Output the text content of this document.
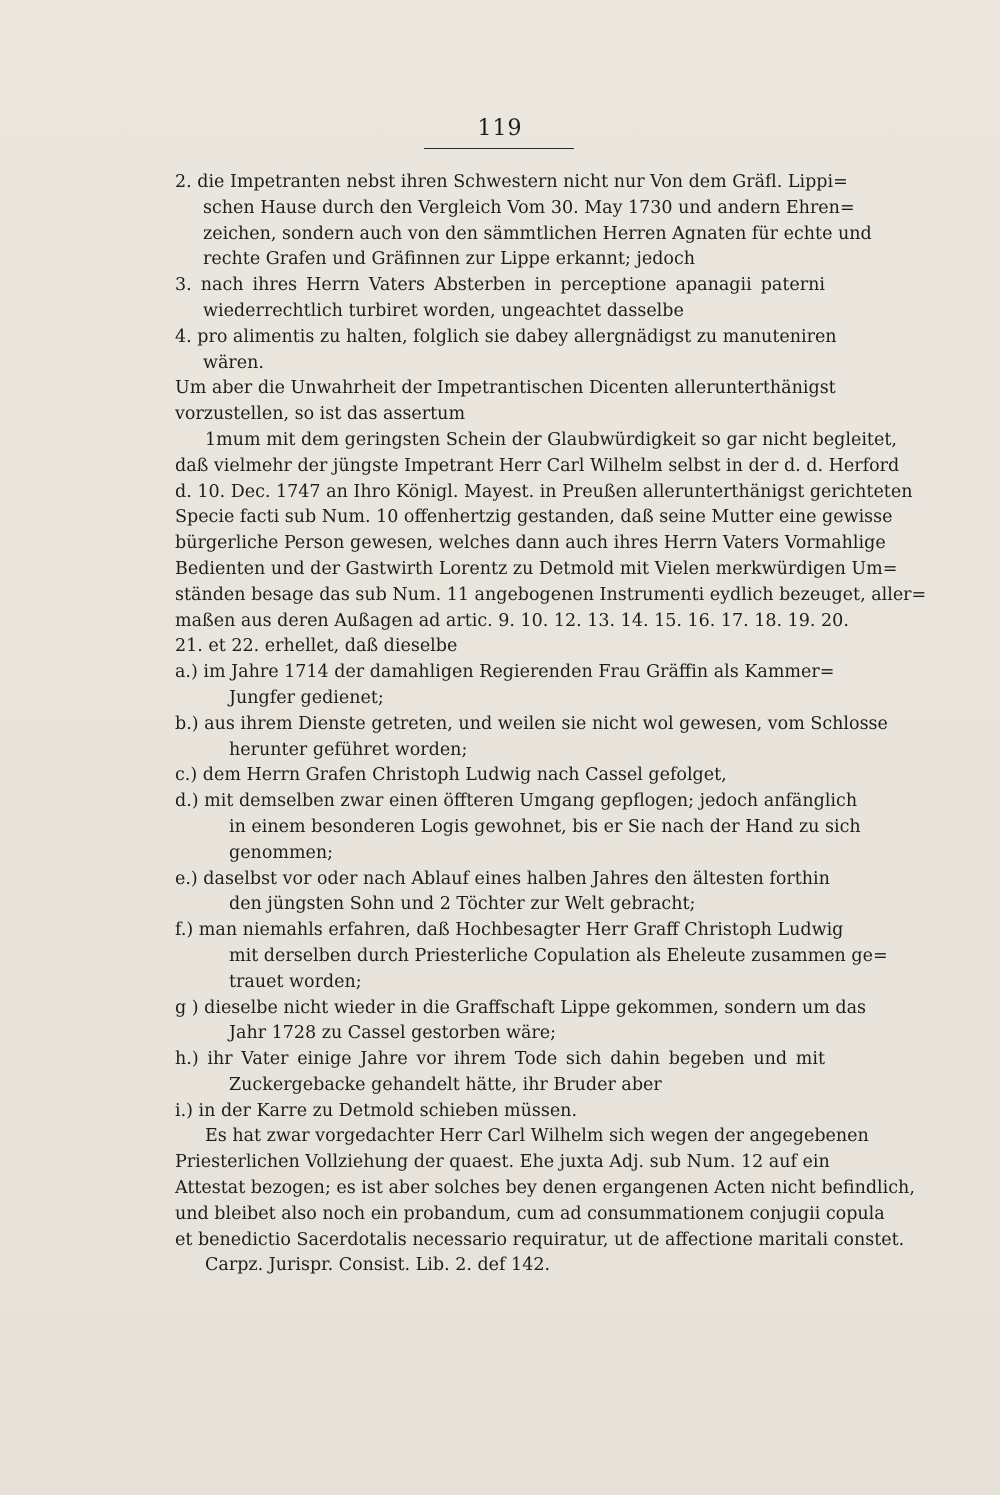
119
2. die Impetranten nebst ihren Schwestern nicht nur Von dem Gräfl. Lippi=
schen Hause durch den Vergleich Vom 30. May 1730 und andern Ehren=
zeichen, sondern auch von den sämmtlichen Herren Agnaten für echte und
rechte Grafen und Gräfinnen zur Lippe erkannt; jedoch
3. nach ihres Herrn Vaters Absterben in perceptione apanagii paterni
wiederrechtlich turbiret worden, ungeachtet dasselbe
4. pro alimentis zu halten, folglich sie dabey allergnädigst zu manuteniren
wären.
Um aber die Unwahrheit der Impetrantischen Dicenten allerunterthänigst
vorzustellen, so ist das assertum
1mum mit dem geringsten Schein der Glaubwürdigkeit so gar nicht begleitet,
daß vielmehr der jüngste Impetrant Herr Carl Wilhelm selbst in der d. d. Herford
d. 10. Dec. 1747 an Ihro Königl. Mayest. in Preußen allerunterthänigst gerichteten
Specie facti sub Num. 10 offenhertzig gestanden, daß seine Mutter eine gewisse
bürgerliche Person gewesen, welches dann auch ihres Herrn Vaters Vormahlige
Bedienten und der Gastwirth Lorentz zu Detmold mit Vielen merkwürdigen Um=
ständen besage das sub Num. 11 angebogenen Instrumenti eydlich bezeuget, aller=
maßen aus deren Außagen ad artic. 9. 10. 12. 13. 14. 15. 16. 17. 18. 19. 20.
21. et 22. erhellet, daß dieselbe
a.) im Jahre 1714 der damahligen Regierenden Frau Gräffin als Kammer=
Jungfer gedienet;
b.) aus ihrem Dienste getreten, und weilen sie nicht wol gewesen, vom Schlosse
herunter geführet worden;
c.) dem Herrn Grafen Christoph Ludwig nach Cassel gefolget,
d.) mit demselben zwar einen öffteren Umgang gepflogen; jedoch anfänglich
in einem besonderen Logis gewohnet, bis er Sie nach der Hand zu sich
genommen;
e.) daselbst vor oder nach Ablauf eines halben Jahres den ältesten forthin
den jüngsten Sohn und 2 Töchter zur Welt gebracht;
f.) man niemahls erfahren, daß Hochbesagter Herr Graff Christoph Ludwig
mit derselben durch Priesterliche Copulation als Eheleute zusammen ge=
trauet worden;
g ) dieselbe nicht wieder in die Graffschaft Lippe gekommen, sondern um das
Jahr 1728 zu Cassel gestorben wäre;
h.) ihr Vater einige Jahre vor ihrem Tode sich dahin begeben und mit
Zuckergebacke gehandelt hätte, ihr Bruder aber
i.) in der Karre zu Detmold schieben müssen.
Es hat zwar vorgedachter Herr Carl Wilhelm sich wegen der angegebenen
Priesterlichen Vollziehung der quaest. Ehe juxta Adj. sub Num. 12 auf ein
Attestat bezogen; es ist aber solches bey denen ergangenen Acten nicht befindlich,
und bleibet also noch ein probandum, cum ad consummationem conjugii copula
et benedictio Sacerdotalis necessario requiratur, ut de affectione maritali constet.
Carpz. Jurispr. Consist. Lib. 2. def 142.
